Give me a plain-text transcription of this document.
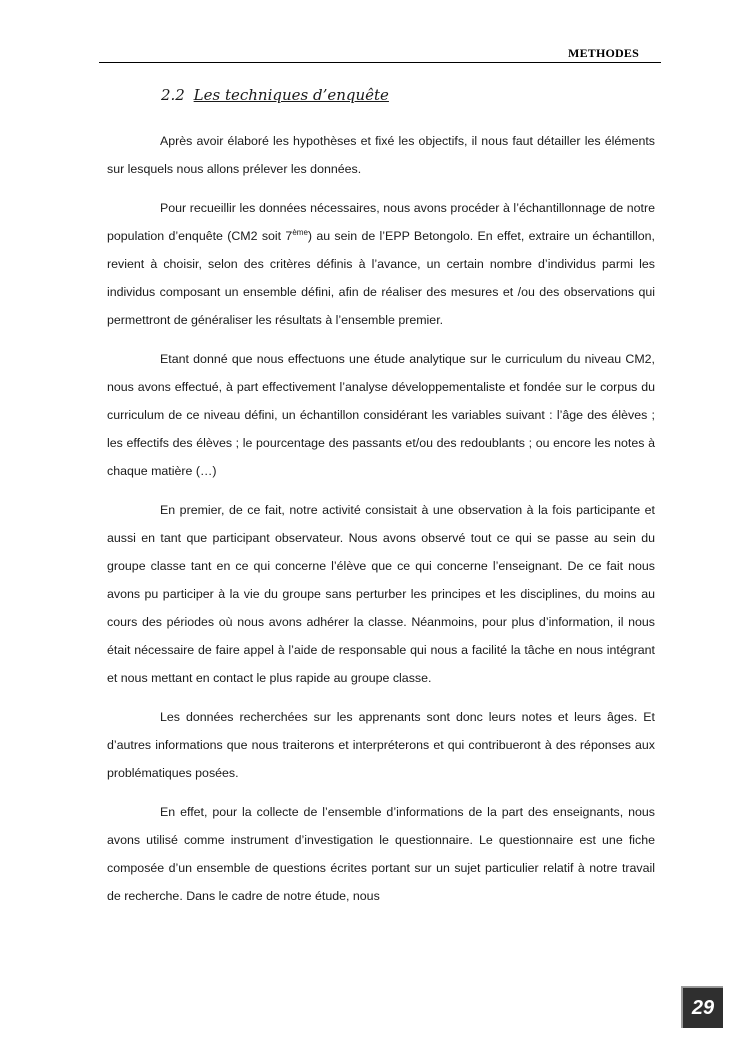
METHODES
2.2 Les techniques d’enquête

Après avoir élaboré les hypothèses et fixé les objectifs, il nous faut détailler les éléments sur lesquels nous allons prélever les données.

Pour recueillir les données nécessaires, nous avons procéder à l’échantillonnage de notre population d’enquête (CM2 soit 7ème) au sein de l’EPP Betongolo. En effet, extraire un échantillon, revient à choisir, selon des critères définis à l’avance, un certain nombre d’individus parmi les individus composant un ensemble défini, afin de réaliser des mesures et /ou des observations qui permettront de généraliser les résultats à l’ensemble premier.

Etant donné que nous effectuons une étude analytique sur le curriculum du niveau CM2, nous avons effectué, à part effectivement l’analyse développementaliste et fondée sur le corpus du curriculum de ce niveau défini, un échantillon considérant les variables suivant : l’âge des élèves ; les effectifs des élèves ; le pourcentage des passants et/ou des redoublants ; ou encore les notes à chaque matière (…)

En premier, de ce fait, notre activité consistait à une observation à la fois participante et aussi en tant que participant observateur. Nous avons observé tout ce qui se passe au sein du groupe classe tant en ce qui concerne l’élève que ce qui concerne l’enseignant. De ce fait nous avons pu participer à la vie du groupe sans perturber les principes et les disciplines, du moins au cours des périodes où nous avons adhérer la classe. Néanmoins, pour plus d’information, il nous était nécessaire de faire appel à l’aide de responsable qui nous a facilité la tâche en nous intégrant et nous mettant en contact le plus rapide au groupe classe.

Les données recherchées sur les apprenants sont donc leurs notes et leurs âges. Et d’autres informations que nous traiterons et interpréterons et qui contribueront à des réponses aux problématiques posées.

En effet, pour la collecte de l’ensemble d’informations de la part des enseignants, nous avons utilisé comme instrument d’investigation le questionnaire. Le questionnaire est une fiche composée d’un ensemble de questions écrites portant sur un sujet particulier relatif à notre travail de recherche. Dans le cadre de notre étude, nous

29
